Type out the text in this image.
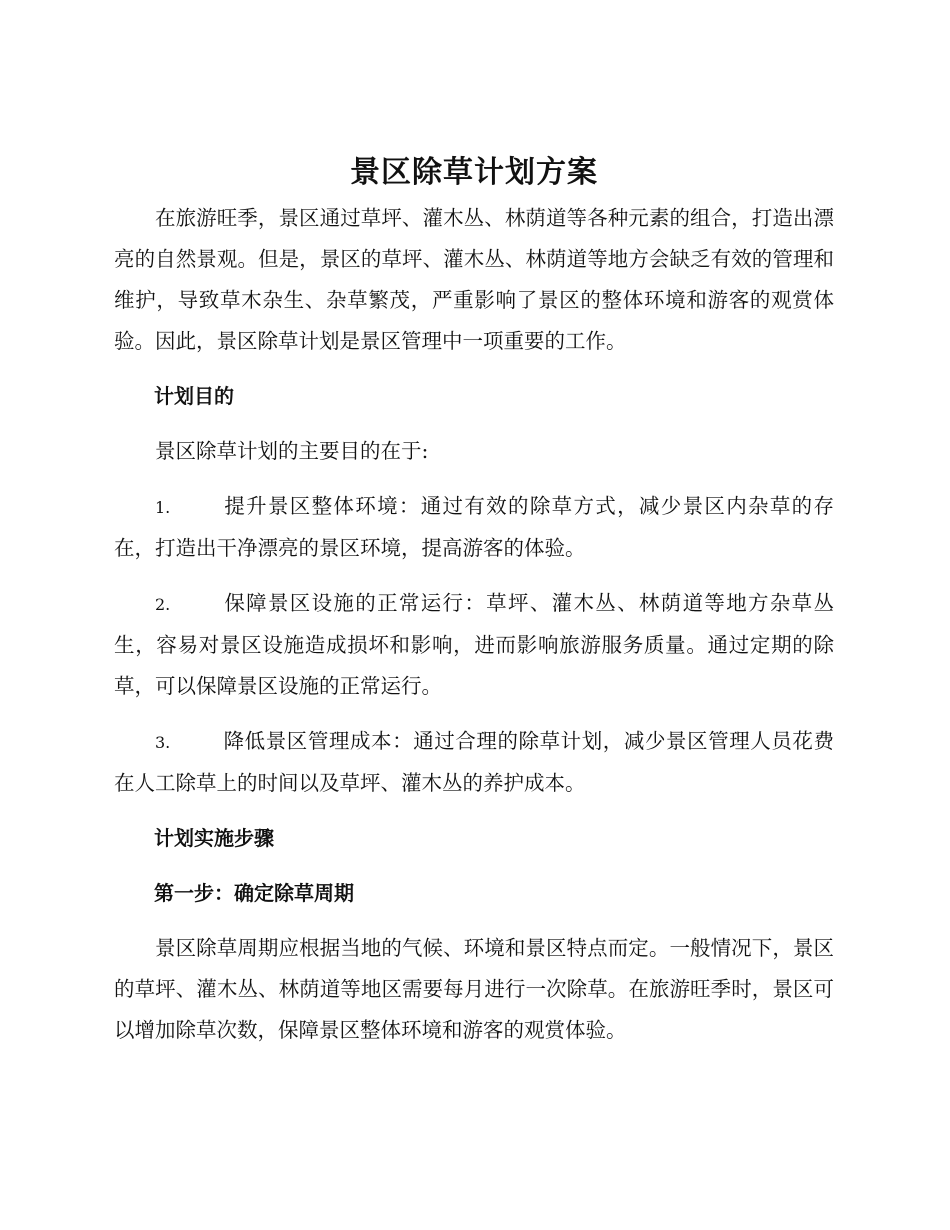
景区除草计划方案

在旅游旺季，景区通过草坪、灌木丛、林荫道等各种元素的组合，打造出漂亮的自然景观。但是，景区的草坪、灌木丛、林荫道等地方会缺乏有效的管理和维护，导致草木杂生、杂草繁茂，严重影响了景区的整体环境和游客的观赏体验。因此，景区除草计划是景区管理中一项重要的工作。

计划目的

景区除草计划的主要目的在于:

1.	提升景区整体环境：通过有效的除草方式，减少景区内杂草的存在，打造出干净漂亮的景区环境，提高游客的体验。

2.	保障景区设施的正常运行：草坪、灌木丛、林荫道等地方杂草丛生，容易对景区设施造成损坏和影响，进而影响旅游服务质量。通过定期的除草，可以保障景区设施的正常运行。

3.	降低景区管理成本：通过合理的除草计划，减少景区管理人员花费在人工除草上的时间以及草坪、灌木丛的养护成本。

计划实施步骤

第一步：确定除草周期

景区除草周期应根据当地的气候、环境和景区特点而定。一般情况下，景区的草坪、灌木丛、林荫道等地区需要每月进行一次除草。在旅游旺季时，景区可以增加除草次数，保障景区整体环境和游客的观赏体验。
